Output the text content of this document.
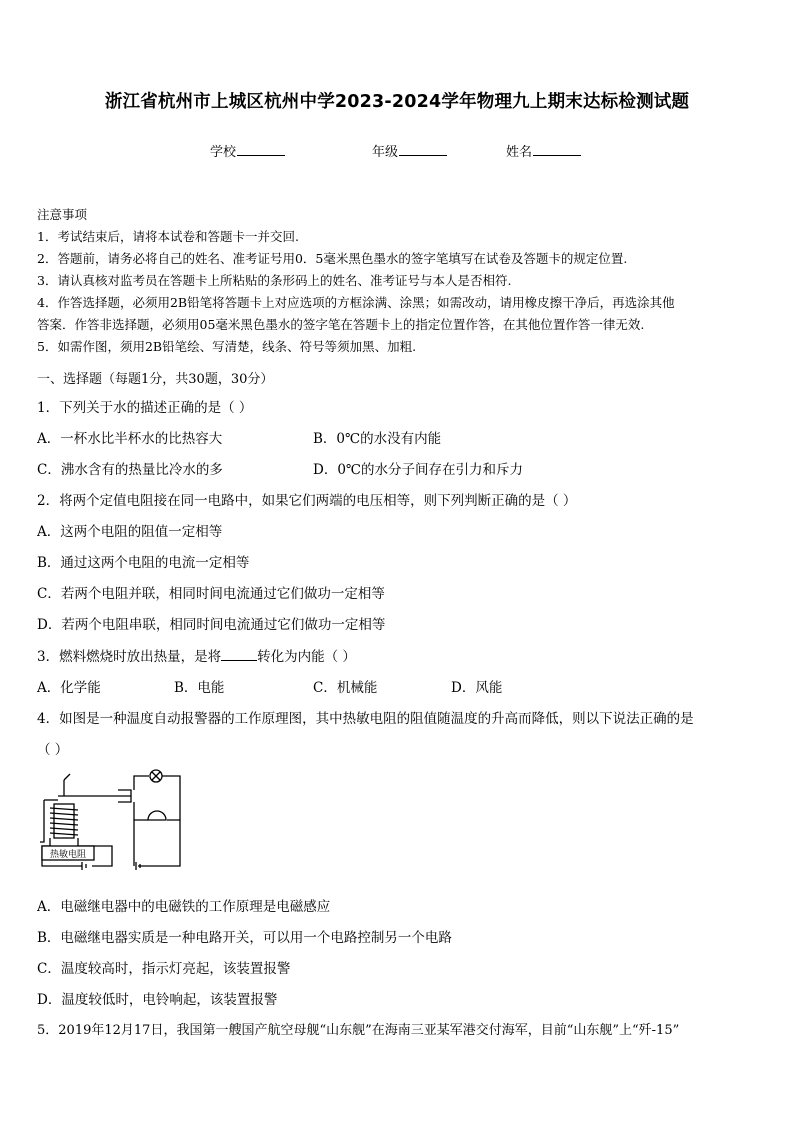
浙江省杭州市上城区杭州中学2023-2024学年物理九上期末达标检测试题
学校	年级	姓名
注意事项
1．考试结束后，请将本试卷和答题卡一并交回.
2．答题前，请务必将自己的姓名、准考证号用0．5毫米黑色墨水的签字笔填写在试卷及答题卡的规定位置.
3．请认真核对监考员在答题卡上所粘贴的条形码上的姓名、准考证号与本人是否相符.
4．作答选择题，必须用2B铅笔将答题卡上对应选项的方框涂满、涂黑；如需改动，请用橡皮擦干净后，再选涂其他
答案．作答非选择题，必须用05毫米黑色墨水的签字笔在答题卡上的指定位置作答，在其他位置作答一律无效.
5．如需作图，须用2B铅笔绘、写清楚，线条、符号等须加黑、加粗.
一、选择题（每题1分，共30题，30分）
1．下列关于水的描述正确的是（ ）
A．一杯水比半杯水的比热容大	B．0℃的水没有内能
C．沸水含有的热量比冷水的多	D．0℃的水分子间存在引力和斥力
2．将两个定值电阻接在同一电路中，如果它们两端的电压相等，则下列判断正确的是（ ）
A．这两个电阻的阻值一定相等
B．通过这两个电阻的电流一定相等
C．若两个电阻并联，相同时间电流通过它们做功一定相等
D．若两个电阻串联，相同时间电流通过它们做功一定相等
3．燃料燃烧时放出热量，是将	转化为内能（ ）
A．化学能	B．电能	C．机械能	D．风能
4．如图是一种温度自动报警器的工作原理图，其中热敏电阻的阻值随温度的升高而降低，则以下说法正确的是
（ ）
热敏电阻
A．电磁继电器中的电磁铁的工作原理是电磁感应
B．电磁继电器实质是一种电路开关，可以用一个电路控制另一个电路
C．温度较高时，指示灯亮起，该装置报警
D．温度较低时，电铃响起，该装置报警
5．2019年12月17日，我国第一艘国产航空母舰“山东舰”在海南三亚某军港交付海军，目前“山东舰”上“歼-15”
